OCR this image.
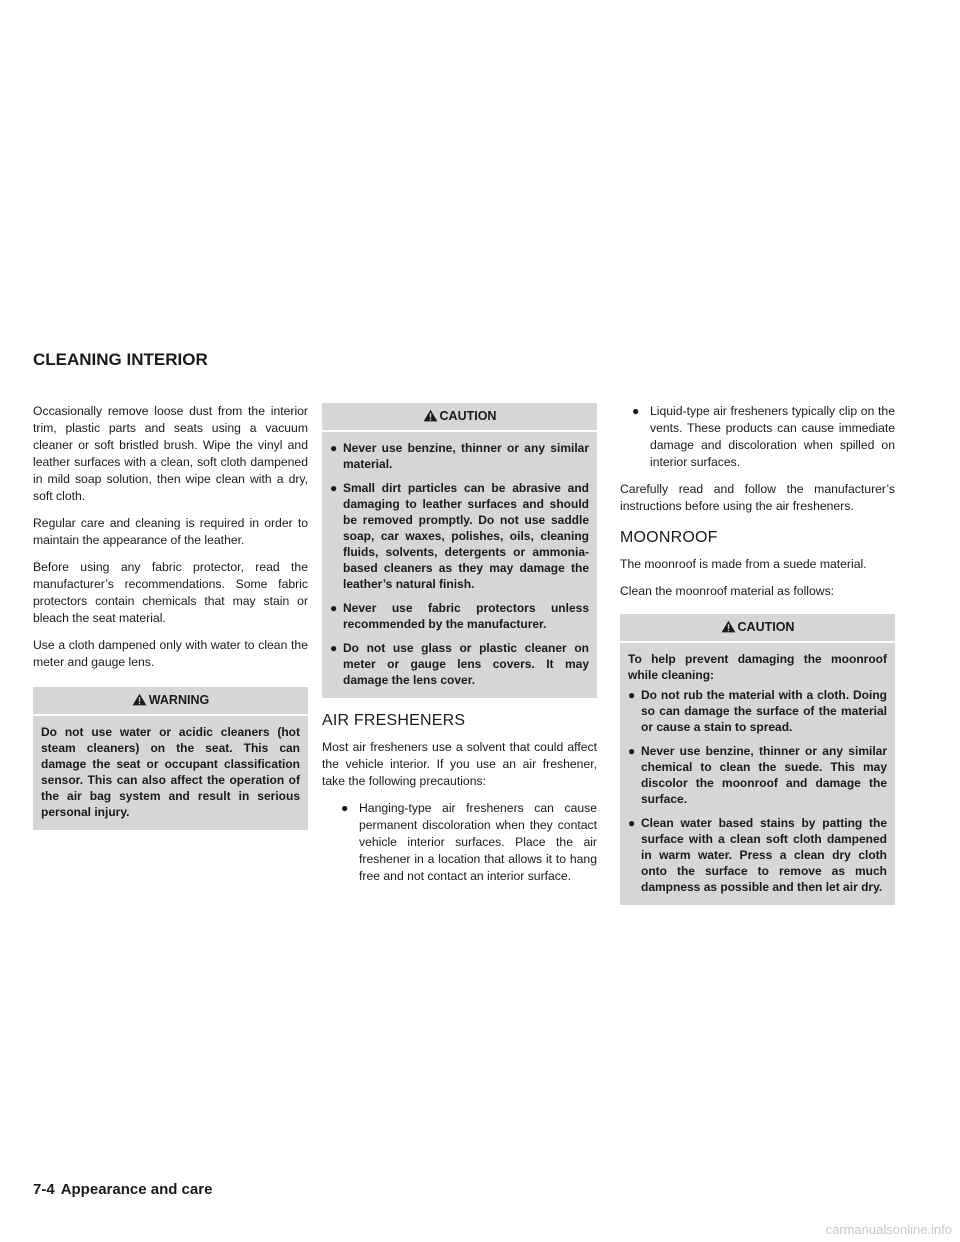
CLEANING INTERIOR

Occasionally remove loose dust from the interior trim, plastic parts and seats using a vacuum cleaner or soft bristled brush. Wipe the vinyl and leather surfaces with a clean, soft cloth dampened in mild soap solution, then wipe clean with a dry, soft cloth.

Regular care and cleaning is required in order to maintain the appearance of the leather.

Before using any fabric protector, read the manufacturer’s recommendations. Some fabric protectors contain chemicals that may stain or bleach the seat material.

Use a cloth dampened only with water to clean the meter and gauge lens.

WARNING

Do not use water or acidic cleaners (hot steam cleaners) on the seat. This can damage the seat or occupant classification sensor. This can also affect the operation of the air bag system and result in serious personal injury.

CAUTION
● Never use benzine, thinner or any similar material.
● Small dirt particles can be abrasive and damaging to leather surfaces and should be removed promptly. Do not use saddle soap, car waxes, polishes, oils, cleaning fluids, solvents, detergents or ammonia-based cleaners as they may damage the leather’s natural finish.
● Never use fabric protectors unless recommended by the manufacturer.
● Do not use glass or plastic cleaner on meter or gauge lens covers. It may damage the lens cover.
AIR FRESHENERS

Most air fresheners use a solvent that could affect the vehicle interior. If you use an air freshener, take the following precautions:

● Hanging-type air fresheners can cause permanent discoloration when they contact vehicle interior surfaces. Place the air freshener in a location that allows it to hang free and not contact an interior surface.
● Liquid-type air fresheners typically clip on the vents. These products can cause immediate damage and discoloration when spilled on interior surfaces.

Carefully read and follow the manufacturer’s instructions before using the air fresheners.

MOONROOF

The moonroof is made from a suede material.

Clean the moonroof material as follows:

CAUTION

To help prevent damaging the moonroof while cleaning:

● Do not rub the material with a cloth. Doing so can damage the surface of the material or cause a stain to spread.
● Never use benzine, thinner or any similar chemical to clean the suede. This may discolor the moonroof and damage the surface.
● Clean water based stains by patting the surface with a clean soft cloth dampened in warm water. Press a clean dry cloth onto the surface to remove as much dampness as possible and then let air dry.
7-4 Appearance and care
carmanualsonline.info
